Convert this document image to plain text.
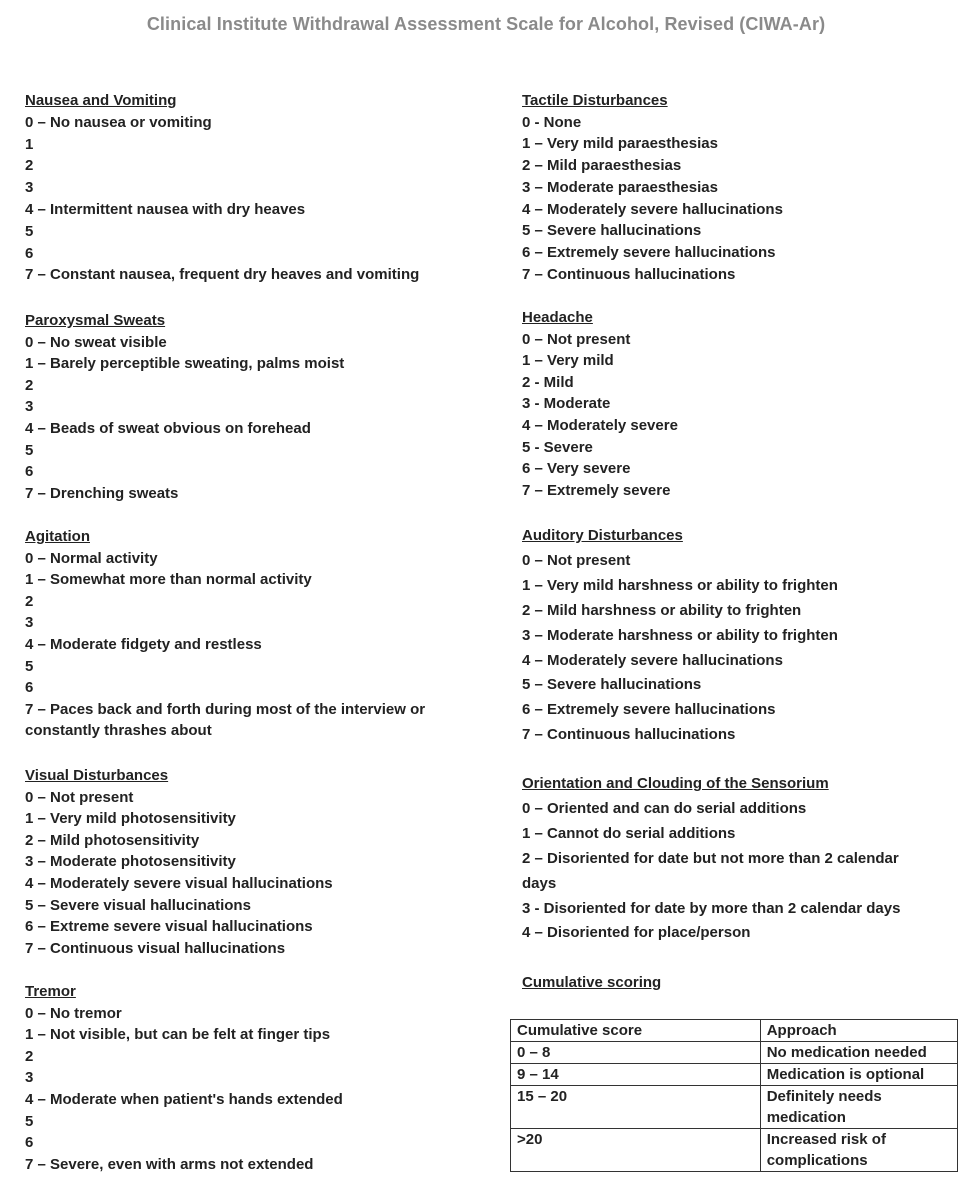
Clinical Institute Withdrawal Assessment Scale for Alcohol, Revised (CIWA-Ar)
Nausea and Vomiting
0 – No nausea or vomiting
1
2
3
4 – Intermittent nausea with dry heaves
5
6
7 – Constant nausea, frequent dry heaves and vomiting
Paroxysmal Sweats
0 – No sweat visible
1 – Barely perceptible sweating, palms moist
2
3
4 – Beads of sweat obvious on forehead
5
6
7 – Drenching sweats
Agitation
0 – Normal activity
1 – Somewhat more than normal activity
2
3
4 – Moderate fidgety and restless
5
6
7 – Paces back and forth during most of the interview or
constantly thrashes about
Visual Disturbances
0 – Not present
1 – Very mild photosensitivity
2 – Mild photosensitivity
3 – Moderate photosensitivity
4 – Moderately severe visual hallucinations
5 – Severe visual hallucinations
6 – Extreme severe visual hallucinations
7 – Continuous visual hallucinations
Tremor
0 – No tremor
1 – Not visible, but can be felt at finger tips
2
3
4 – Moderate when patient's hands extended
5
6
7 – Severe, even with arms not extended
Tactile Disturbances
0 - None
1 – Very mild paraesthesias
2 – Mild paraesthesias
3 – Moderate paraesthesias
4 – Moderately severe hallucinations
5 – Severe hallucinations
6 – Extremely severe hallucinations
7 – Continuous hallucinations
Headache
0 – Not present
1 – Very mild
2 - Mild
3 - Moderate
4 – Moderately severe
5 - Severe
6 – Very severe
7 – Extremely severe
Auditory Disturbances
0 – Not present
1 – Very mild harshness or ability to frighten
2 – Mild harshness or ability to frighten
3 – Moderate harshness or ability to frighten
4 – Moderately severe hallucinations
5 – Severe hallucinations
6 – Extremely severe hallucinations
7 – Continuous hallucinations
Orientation and Clouding of the Sensorium
0 – Oriented and can do serial additions
1 – Cannot do serial additions
2 – Disoriented for date but not more than 2 calendar
days
3 - Disoriented for date by more than 2 calendar days
4 – Disoriented for place/person
Cumulative scoring
Cumulative score	Approach
0 – 8	No medication needed
9 – 14	Medication is optional
15 – 20	Definitely needs medication
>20	Increased risk of complications
